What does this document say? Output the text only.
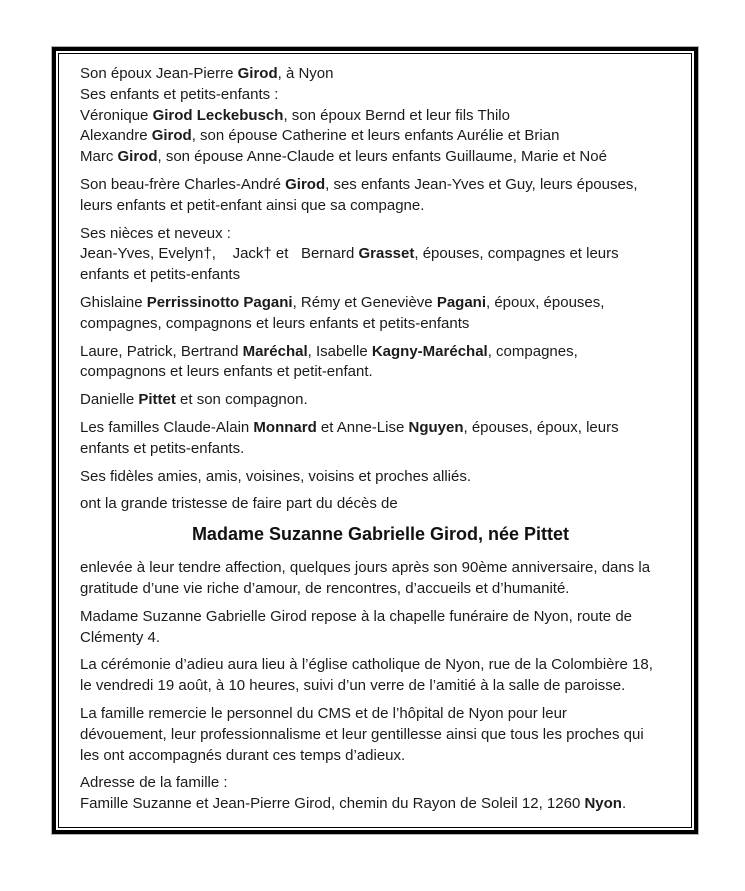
Son époux Jean-Pierre Girod, à Nyon
Ses enfants et petits-enfants :
Véronique Girod Leckebusch, son époux Bernd et leur fils Thilo
Alexandre Girod, son épouse Catherine et leurs enfants Aurélie et Brian
Marc Girod, son épouse Anne-Claude et leurs enfants Guillaume, Marie et Noé

Son beau-frère Charles-André Girod, ses enfants Jean-Yves et Guy, leurs épouses,
leurs enfants et petit-enfant ainsi que sa compagne.

Ses nièces et neveux :
Jean-Yves, Evelyn†,    Jack† et   Bernard Grasset, épouses, compagnes et leurs
enfants et petits-enfants

Ghislaine Perrissinotto Pagani, Rémy et Geneviève Pagani, époux, épouses,
compagnes, compagnons et leurs enfants et petits-enfants

Laure, Patrick, Bertrand Maréchal, Isabelle Kagny-Maréchal, compagnes,
compagnons et leurs enfants et petit-enfant.

Danielle Pittet et son compagnon.

Les familles Claude-Alain Monnard et Anne-Lise Nguyen, épouses, époux, leurs
enfants et petits-enfants.

Ses fidèles amies, amis, voisines, voisins et proches alliés.

ont la grande tristesse de faire part du décès de

Madame Suzanne Gabrielle Girod, née Pittet

enlevée à leur tendre affection, quelques jours après son 90ème anniversaire, dans la
gratitude d’une vie riche d’amour, de rencontres, d’accueils et d’humanité.

Madame Suzanne Gabrielle Girod repose à la chapelle funéraire de Nyon, route de
Clémenty 4.

La cérémonie d’adieu aura lieu à l’église catholique de Nyon, rue de la Colombière 18,
le vendredi 19 août, à 10 heures, suivi d’un verre de l’amitié à la salle de paroisse.

La famille remercie le personnel du CMS et de l’hôpital de Nyon pour leur
dévouement, leur professionnalisme et leur gentillesse ainsi que tous les proches qui
les ont accompagnés durant ces temps d’adieux.

Adresse de la famille :
Famille Suzanne et Jean-Pierre Girod, chemin du Rayon de Soleil 12, 1260 Nyon.
